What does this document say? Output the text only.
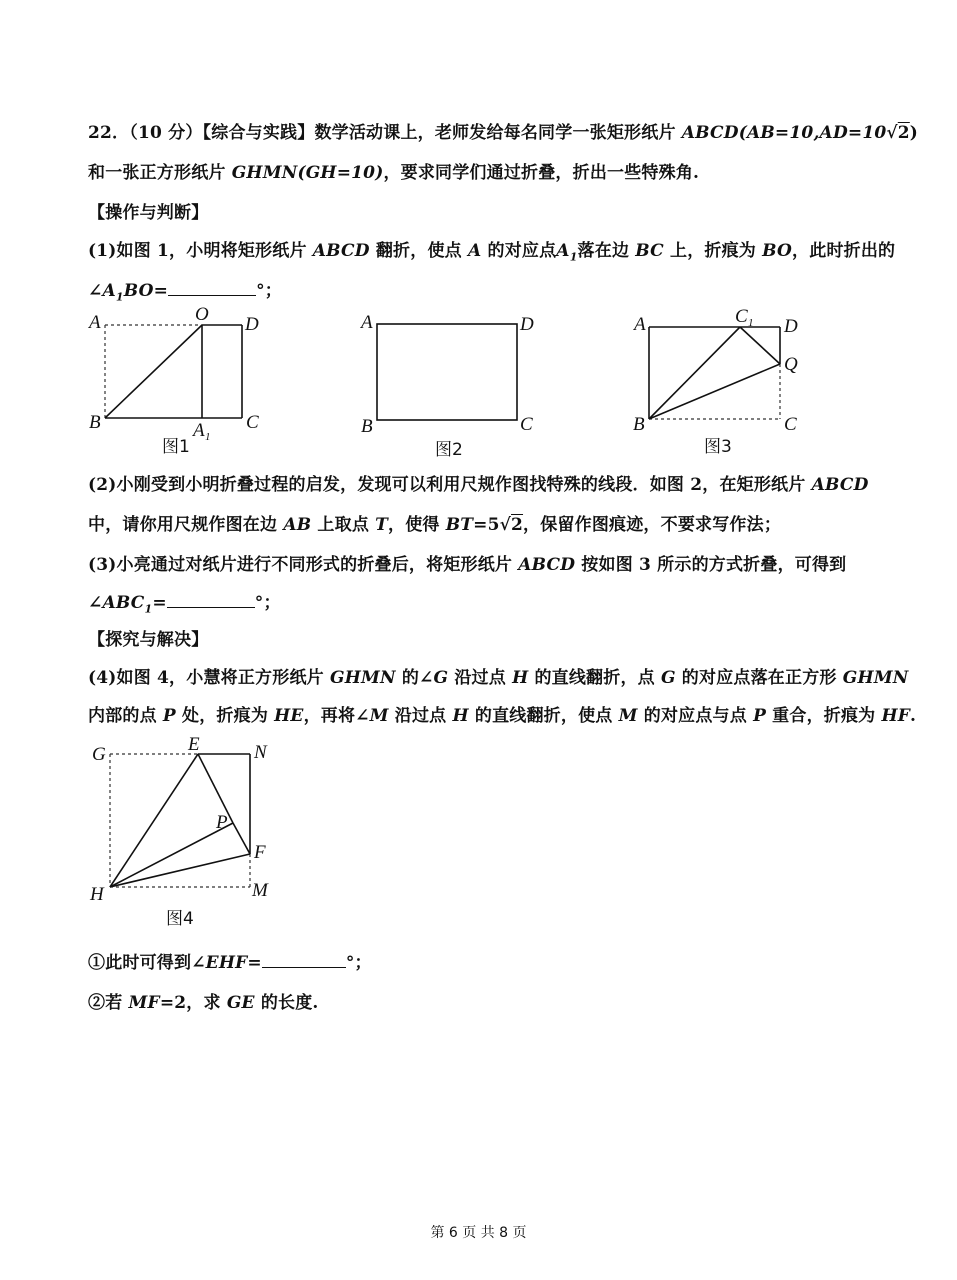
22．（10 分）【综合与实践】数学活动课上，老师发给每名同学一张矩形纸片 ABCD(AB=10,AD=10√2)
和一张正方形纸片 GHMN(GH=10)，要求同学们通过折叠，折出一些特殊角.
【操作与判断】
(1)如图 1，小明将矩形纸片 ABCD 翻折，使点 A 的对应点$A_1$落在边 BC 上，折痕为 BO，此时折出的
$\angle A_1BO=$	°；
A	O D
B	A 1
C
图1
A	D
B	C
图2
A	C 1 D
Q
B	C
图3
(2)小刚受到小明折叠过程的启发，发现可以利用尺规作图找特殊的线段．如图 2，在矩形纸片 ABCD
中，请你用尺规作图在边 AB 上取点 T，使得 BT=5√2，保留作图痕迹，不要求写作法；
(3)小亮通过对纸片进行不同形式的折叠后，将矩形纸片 ABCD 按如图 3 所示的方式折叠，可得到
$\angle ABC_1=$	°；
【探究与解决】
(4)如图 4，小慧将正方形纸片 GHMN 的∠G 沿过点 H 的直线翻折，点 G 的对应点落在正方形 GHMN
内部的点 P 处，折痕为 HE，再将∠M 沿过点 H 的直线翻折，使点 M 的对应点与点 P 重合，折痕为 HF.
G	E	N
P
F
H	M
图4
①此时可得到∠EHF=	°；
②若 MF=2，求 GE 的长度.
第 6 页 共 8 页
